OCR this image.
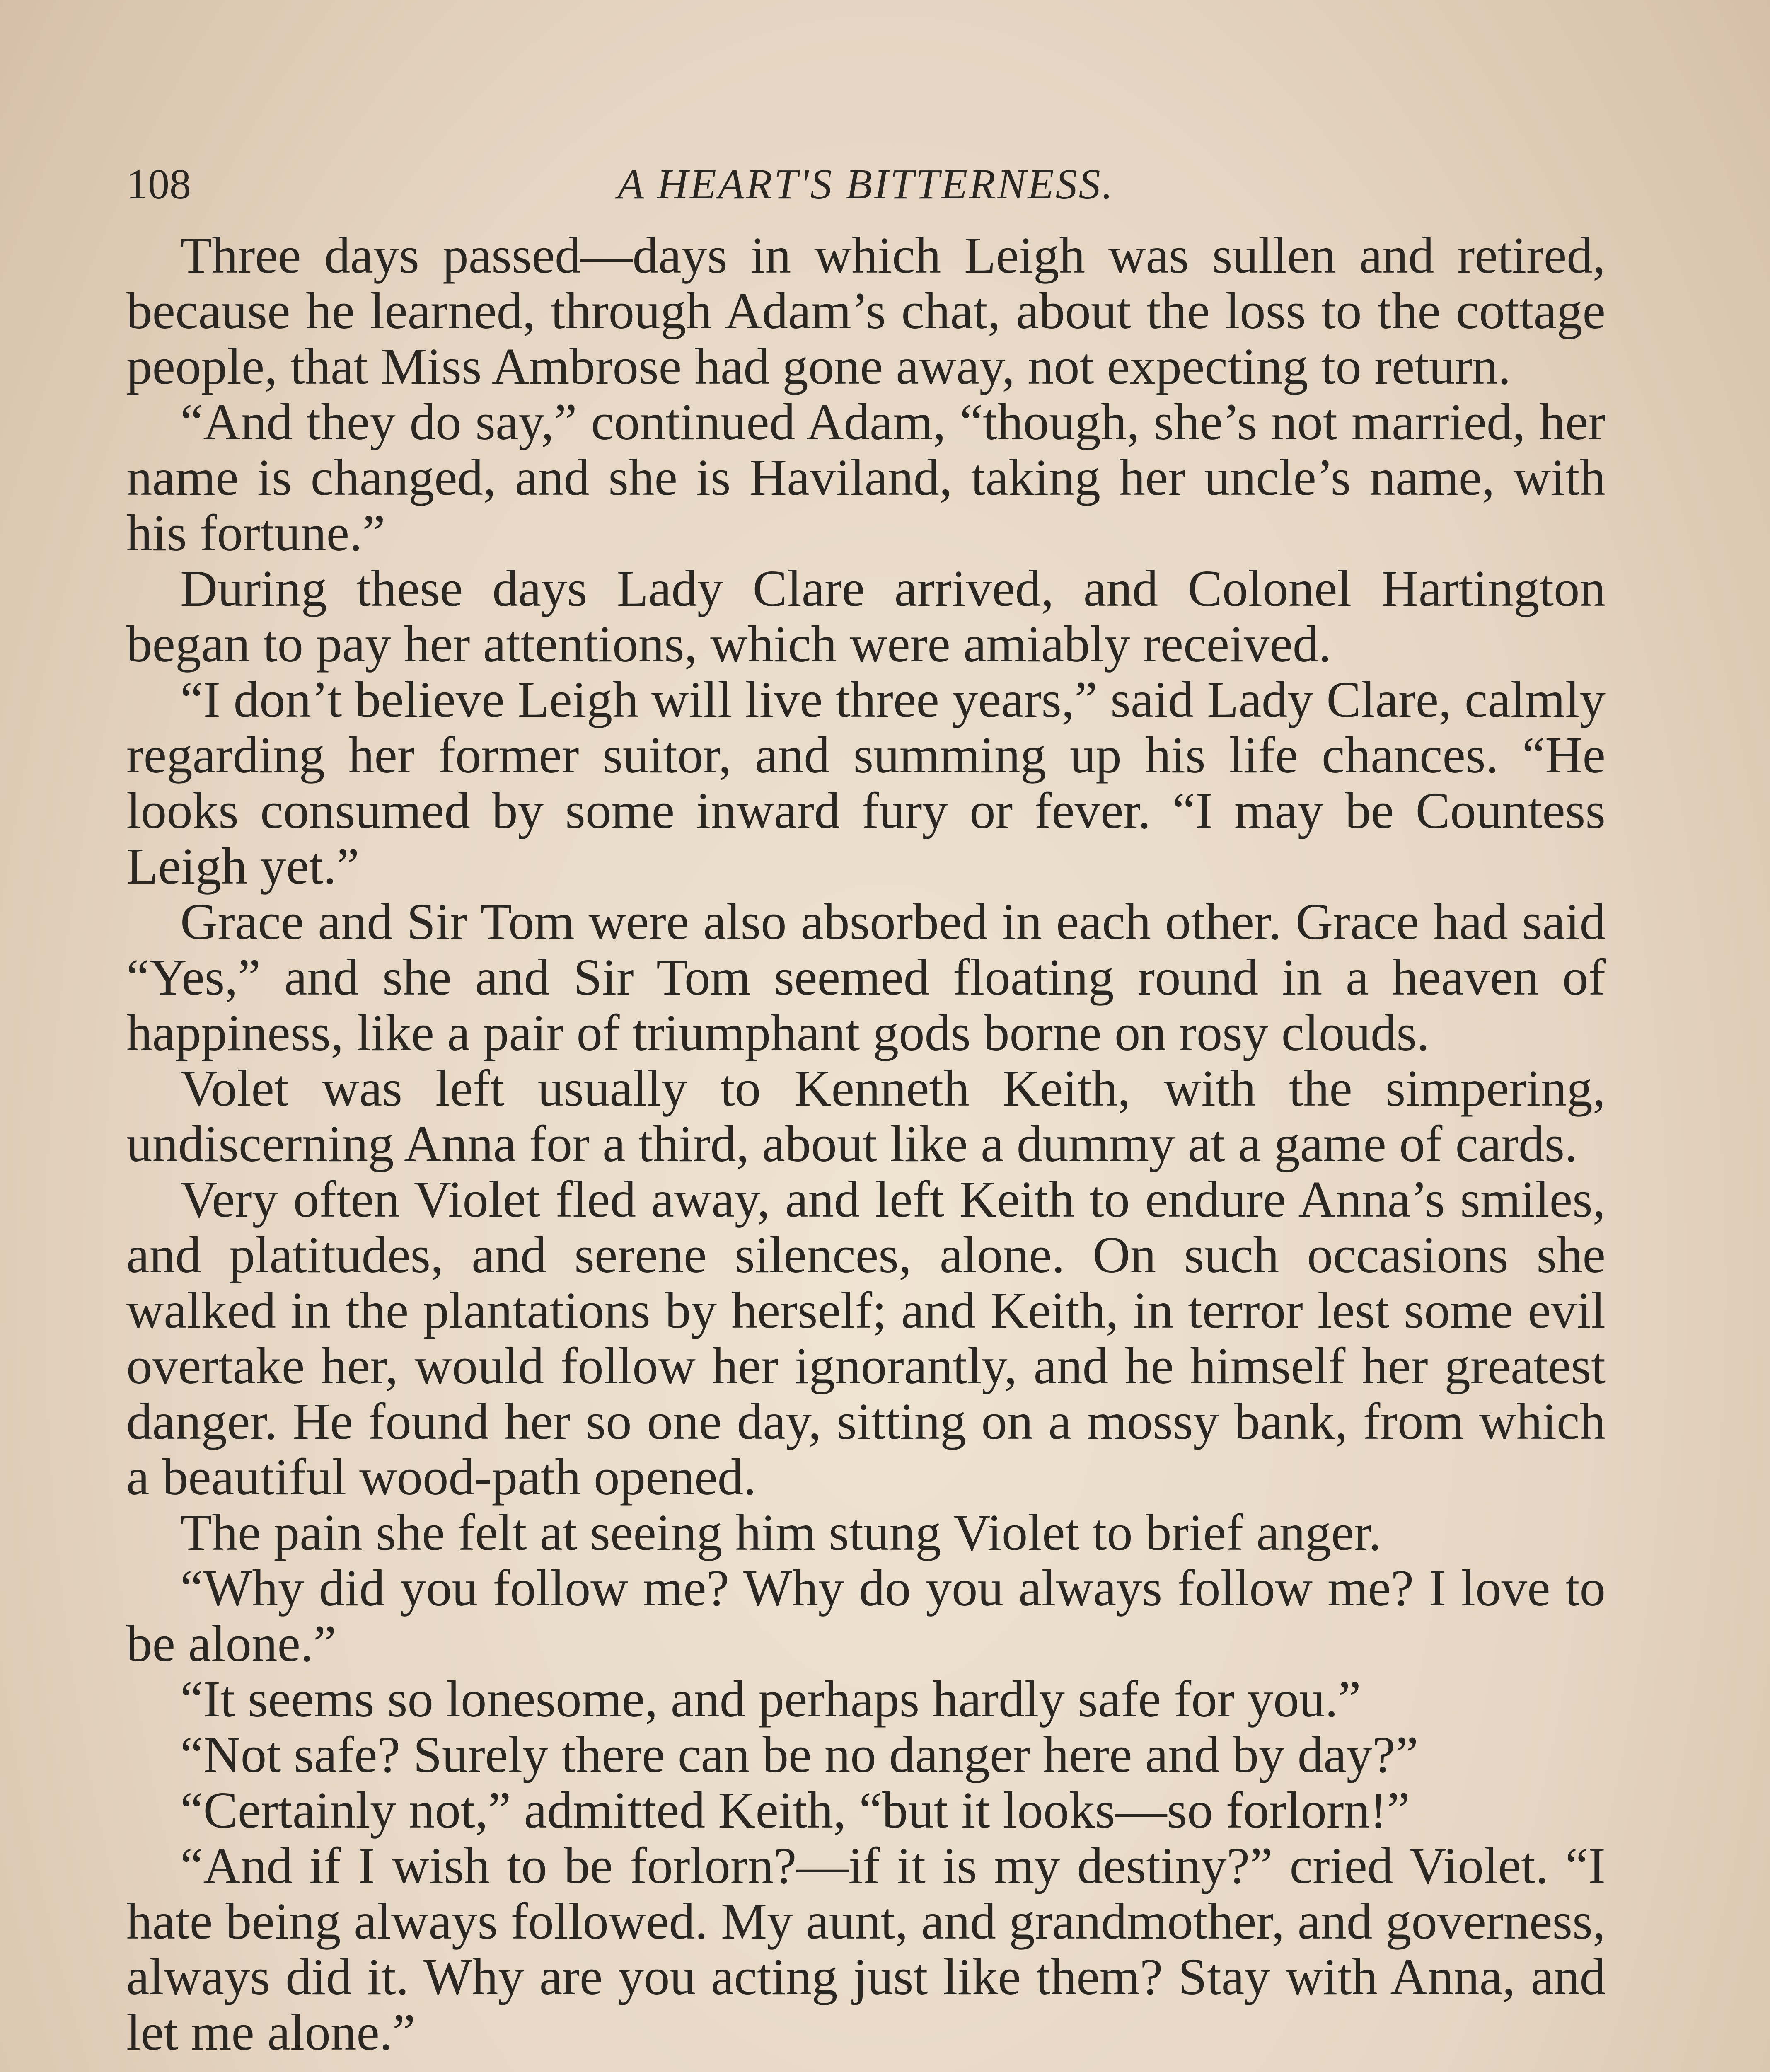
108	A HEART'S BITTERNESS.

Three days passed—days in which Leigh was sullen and retired, because he learned, through Adam’s chat, about the loss to the cottage people, that Miss Ambrose had gone away, not expecting to return.

“And they do say,” continued Adam, “though, she’s not married, her name is changed, and she is Haviland, taking her uncle’s name, with his fortune.”

During these days Lady Clare arrived, and Colonel Hartington began to pay her attentions, which were amiably received.

“I don’t believe Leigh will live three years,” said Lady Clare, calmly regarding her former suitor, and summing up his life chances. “He looks consumed by some inward fury or fever. “I may be Countess Leigh yet.”

Grace and Sir Tom were also absorbed in each other. Grace had said “Yes,” and she and Sir Tom seemed floating round in a heaven of happiness, like a pair of triumphant gods borne on rosy clouds.

Volet was left usually to Kenneth Keith, with the simpering, undiscerning Anna for a third, about like a dummy at a game of cards.

Very often Violet fled away, and left Keith to endure Anna’s smiles, and platitudes, and serene silences, alone. On such occasions she walked in the plantations by herself; and Keith, in terror lest some evil overtake her, would follow her ignorantly, and he himself her greatest danger. He found her so one day, sitting on a mossy bank, from which a beautiful wood-path opened.

The pain she felt at seeing him stung Violet to brief anger.

“Why did you follow me? Why do you always follow me? I love to be alone.”

“It seems so lonesome, and perhaps hardly safe for you.”

“Not safe? Surely there can be no danger here and by day?”

“Certainly not,” admitted Keith, “but it looks—so forlorn!”

“And if I wish to be forlorn?—if it is my destiny?” cried Violet. “I hate being always followed. My aunt, and grandmother, and governess, always did it. Why are you acting just like them? Stay with Anna, and let me alone.”
